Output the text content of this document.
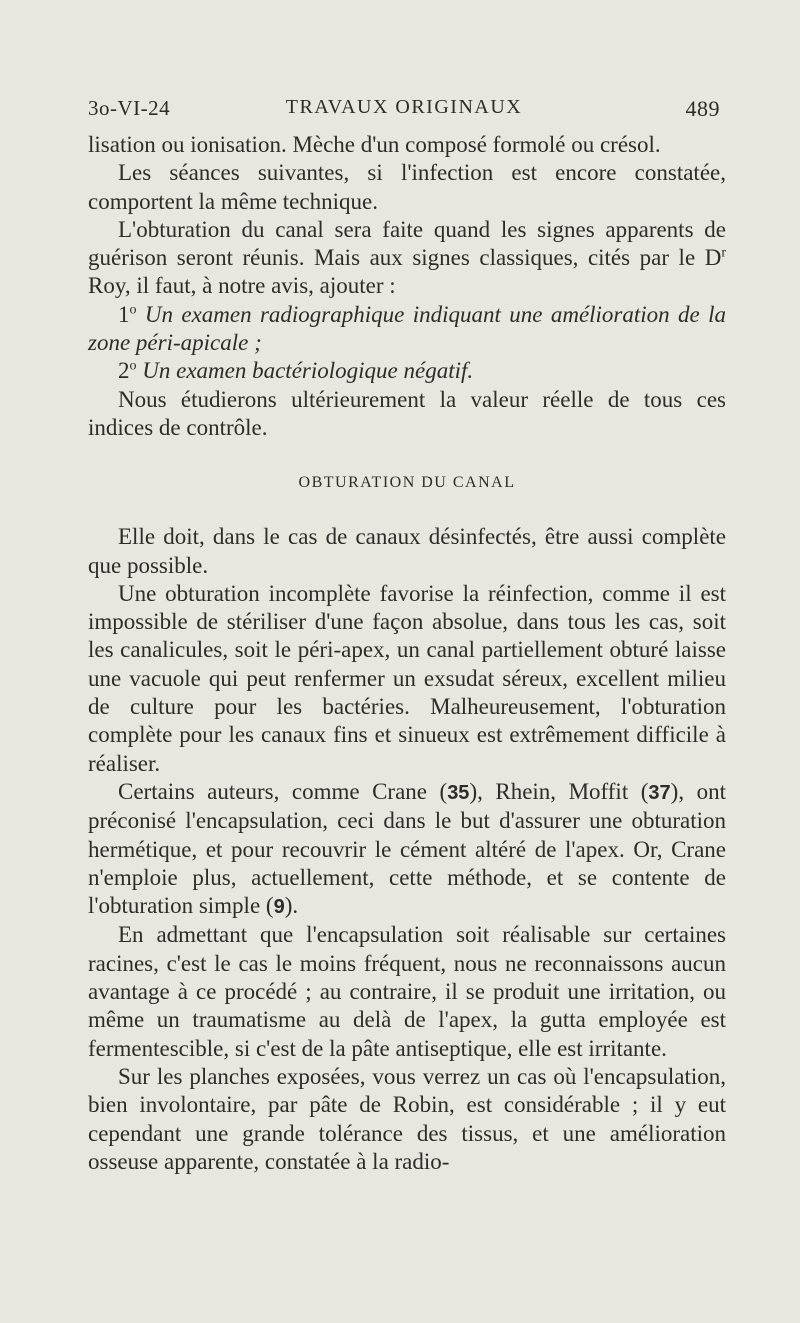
3o-VI-24	TRAVAUX ORIGINAUX	489

lisation ou ionisation. Mèche d'un composé formolé ou crésol.

Les séances suivantes, si l'infection est encore constatée, comportent la même technique.

L'obturation du canal sera faite quand les signes apparents de guérison seront réunis. Mais aux signes classiques, cités par le $D^r$ Roy, il faut, à notre avis, ajouter :

1$^o$ Un examen radiographique indiquant une amélioration de la zone péri-apicale ;

2$^o$ Un examen bactériologique négatif.

Nous étudierons ultérieurement la valeur réelle de tous ces indices de contrôle.

OBTURATION DU CANAL

Elle doit, dans le cas de canaux désinfectés, être aussi complète que possible.

Une obturation incomplète favorise la réinfection, comme il est impossible de stériliser d'une façon absolue, dans tous les cas, soit les canalicules, soit le péri-apex, un canal partiellement obturé laisse une vacuole qui peut renfermer un exsudat séreux, excellent milieu de culture pour les bactéries. Malheureusement, l'obturation complète pour les canaux fins et sinueux est extrêmement difficile à réaliser.

Certains auteurs, comme Crane (35), Rhein, Moffit (37), ont préconisé l'encapsulation, ceci dans le but d'assurer une obturation hermétique, et pour recouvrir le cément altéré de l'apex. Or, Crane n'emploie plus, actuellement, cette méthode, et se contente de l'obturation simple (9).

En admettant que l'encapsulation soit réalisable sur certaines racines, c'est le cas le moins fréquent, nous ne reconnaissons aucun avantage à ce procédé ; au contraire, il se produit une irritation, ou même un traumatisme au delà de l'apex, la gutta employée est fermentescible, si c'est de la pâte antiseptique, elle est irritante.

Sur les planches exposées, vous verrez un cas où l'encapsulation, bien involontaire, par pâte de Robin, est considérable ; il y eut cependant une grande tolérance des tissus, et une amélioration osseuse apparente, constatée à la radio-
